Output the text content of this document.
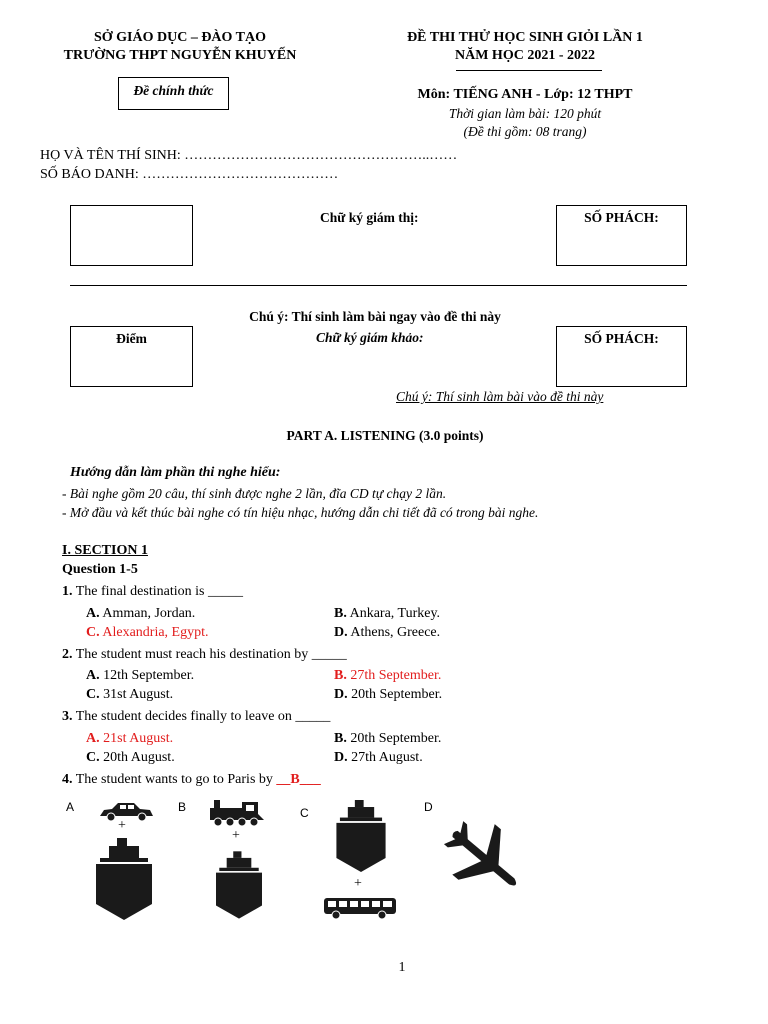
SỞ GIÁO DỤC – ĐÀO TẠO
TRƯỜNG THPT NGUYỄN KHUYẾN
Đề chính thức
ĐỀ THI THỬ HỌC SINH GIỎI LẦN 1
NĂM HỌC 2021 - 2022
Môn: TIẾNG ANH - Lớp: 12 THPT
Thời gian làm bài: 120 phút
(Đề thi gồm: 08 trang)
HỌ VÀ TÊN THÍ SINH: ……………………………………………..……
SỐ BÁO DANH: ……………………………………
Chữ ký giám thị:	SỐ PHÁCH:
Chú ý: Thí sinh làm bài ngay vào đề thi này
Điểm	Chữ ký giám khảo:	SỐ PHÁCH:
Chú ý: Thí sinh làm bài vào đề thi này
PART A. LISTENING (3.0 points)
Hướng dẫn làm phần thi nghe hiểu:
- Bài nghe gồm 20 câu, thí sinh được nghe 2 lần, đĩa CD tự chạy 2 lần.
- Mở đầu và kết thúc bài nghe có tín hiệu nhạc, hướng dẫn chi tiết đã có trong bài nghe.
I. SECTION 1
Question 1-5
1. The final destination is _____
A. Amman, Jordan.	B. Ankara, Turkey.
C. Alexandria, Egypt.	D. Athens, Greece.
2. The student must reach his destination by _____
A. 12th September.	B. 27th September.
C. 31st August.	D. 20th September.
3. The student decides finally to leave on _____
A. 21st August.	B. 20th September.
C. 20th August.	D. 27th August.
4. The student wants to go to Paris by __B___
A	B	C	D
+
+
+
1
